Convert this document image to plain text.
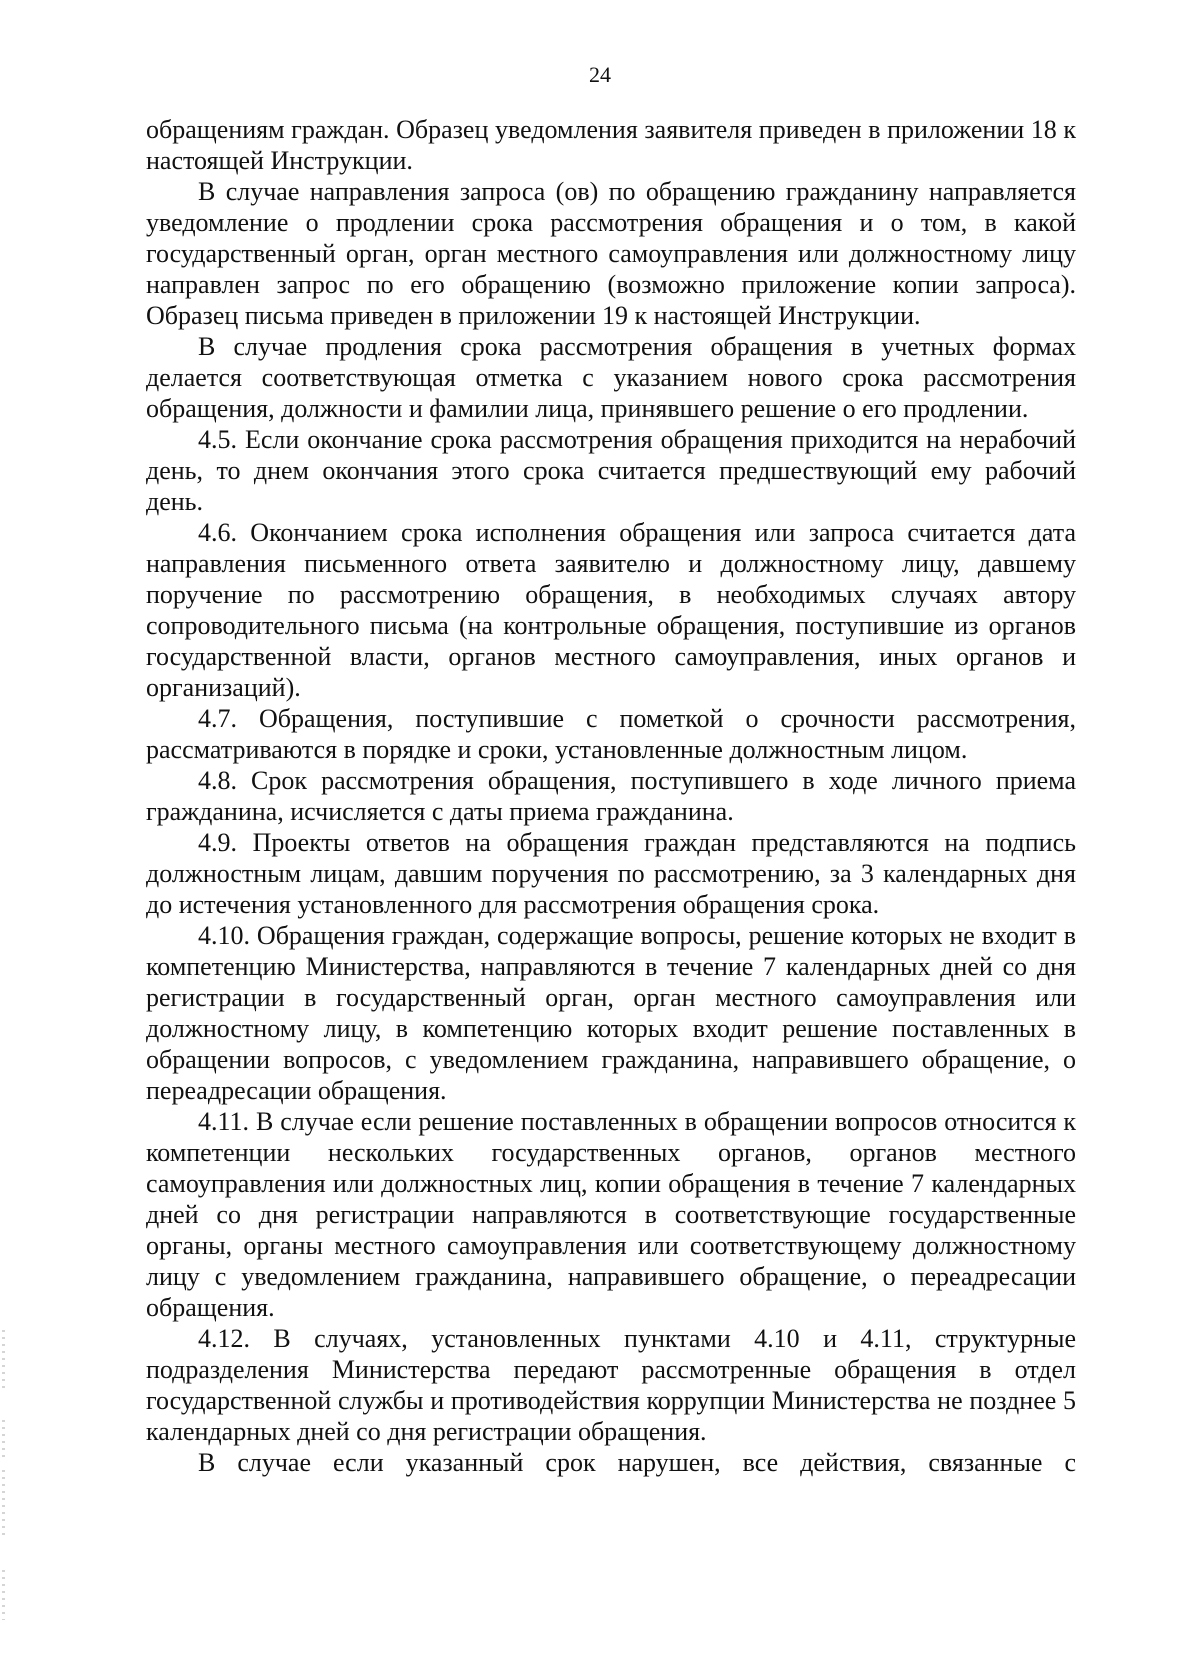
24

обращениям граждан. Образец уведомления заявителя приведен в приложении 18 к настоящей Инструкции.

В случае направления запроса (ов) по обращению гражданину направляется уведомление о продлении срока рассмотрения обращения и о том, в какой государственный орган, орган местного самоуправления или должностному лицу направлен запрос по его обращению (возможно приложение копии запроса). Образец письма приведен в приложении 19 к настоящей Инструкции.

В случае продления срока рассмотрения обращения в учетных формах делается соответствующая отметка с указанием нового срока рассмотрения обращения, должности и фамилии лица, принявшего решение о его продлении.

4.5. Если окончание срока рассмотрения обращения приходится на нерабочий день, то днем окончания этого срока считается предшествующий ему рабочий день.

4.6. Окончанием срока исполнения обращения или запроса считается дата направления письменного ответа заявителю и должностному лицу, давшему поручение по рассмотрению обращения, в необходимых случаях автору сопроводительного письма (на контрольные обращения, поступившие из органов государственной власти, органов местного самоуправления, иных органов и организаций).

4.7. Обращения, поступившие с пометкой о срочности рассмотрения, рассматриваются в порядке и сроки, установленные должностным лицом.

4.8. Срок рассмотрения обращения, поступившего в ходе личного приема гражданина, исчисляется с даты приема гражданина.

4.9. Проекты ответов на обращения граждан представляются на подпись должностным лицам, давшим поручения по рассмотрению, за 3 календарных дня до истечения установленного для рассмотрения обращения срока.

4.10. Обращения граждан, содержащие вопросы, решение которых не входит в компетенцию Министерства, направляются в течение 7 календарных дней со дня регистрации в государственный орган, орган местного самоуправления или должностному лицу, в компетенцию которых входит решение поставленных в обращении вопросов, с уведомлением гражданина, направившего обращение, о переадресации обращения.

4.11. В случае если решение поставленных в обращении вопросов относится к компетенции нескольких государственных органов, органов местного самоуправления или должностных лиц, копии обращения в течение 7 календарных дней со дня регистрации направляются в соответствующие государственные органы, органы местного самоуправления или соответствующему должностному лицу с уведомлением гражданина, направившего обращение, о переадресации обращения.

4.12. В случаях, установленных пунктами 4.10 и 4.11, структурные подразделения Министерства передают рассмотренные обращения в отдел государственной службы и противодействия коррупции Министерства не позднее 5 календарных дней со дня регистрации обращения.

В случае если указанный срок нарушен, все действия, связанные с
